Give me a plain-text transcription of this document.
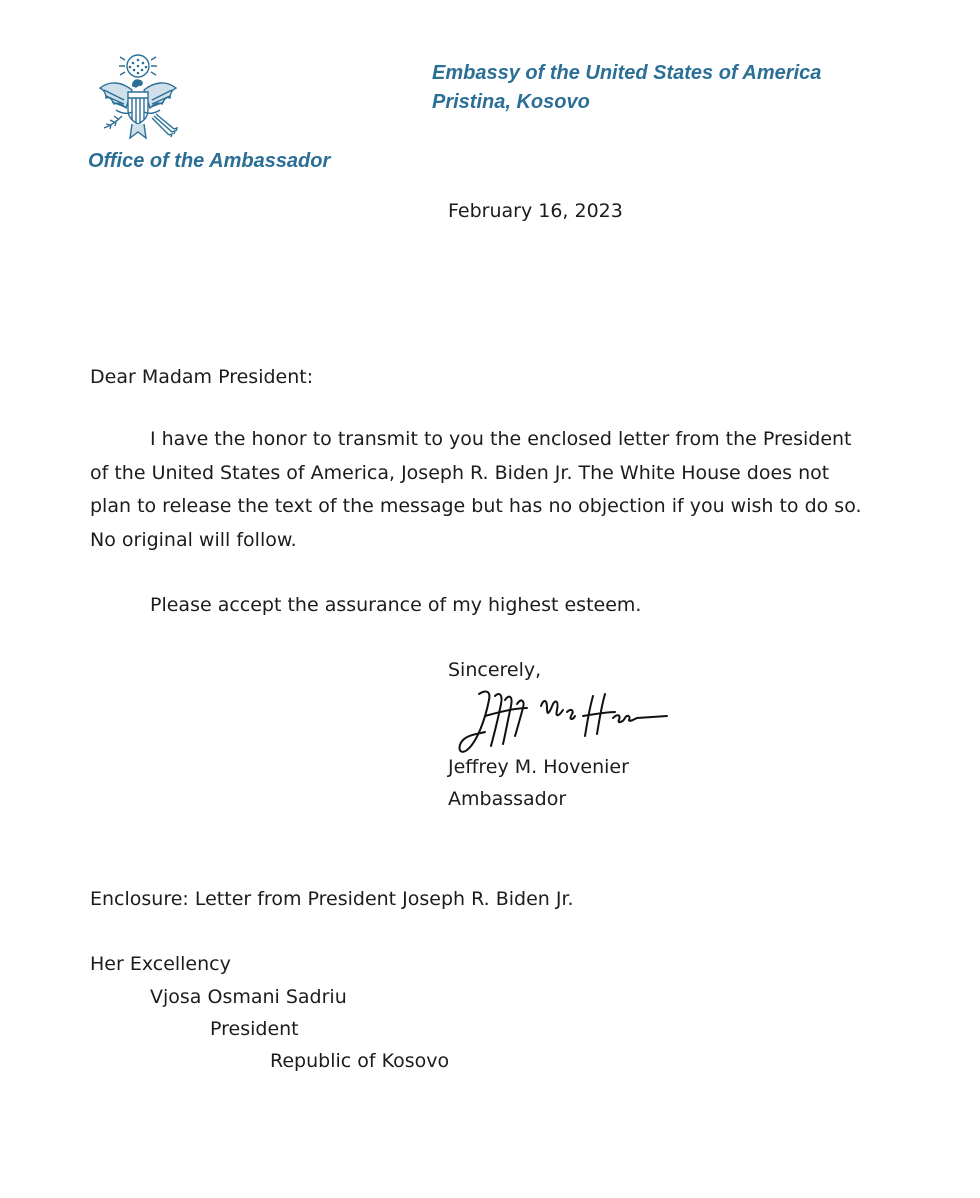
Office of the Ambassador
Embassy of the United States of America
Pristina, Kosovo
February 16, 2023
Dear Madam President:
I have the honor to transmit to you the enclosed letter from the President
of the United States of America, Joseph R. Biden Jr. The White House does not
plan to release the text of the message but has no objection if you wish to do so.
No original will follow.
Please accept the assurance of my highest esteem.
Sincerely,
Jeffrey M. Hovenier
Ambassador
Enclosure: Letter from President Joseph R. Biden Jr.
Her Excellency
Vjosa Osmani Sadriu
President
Republic of Kosovo
